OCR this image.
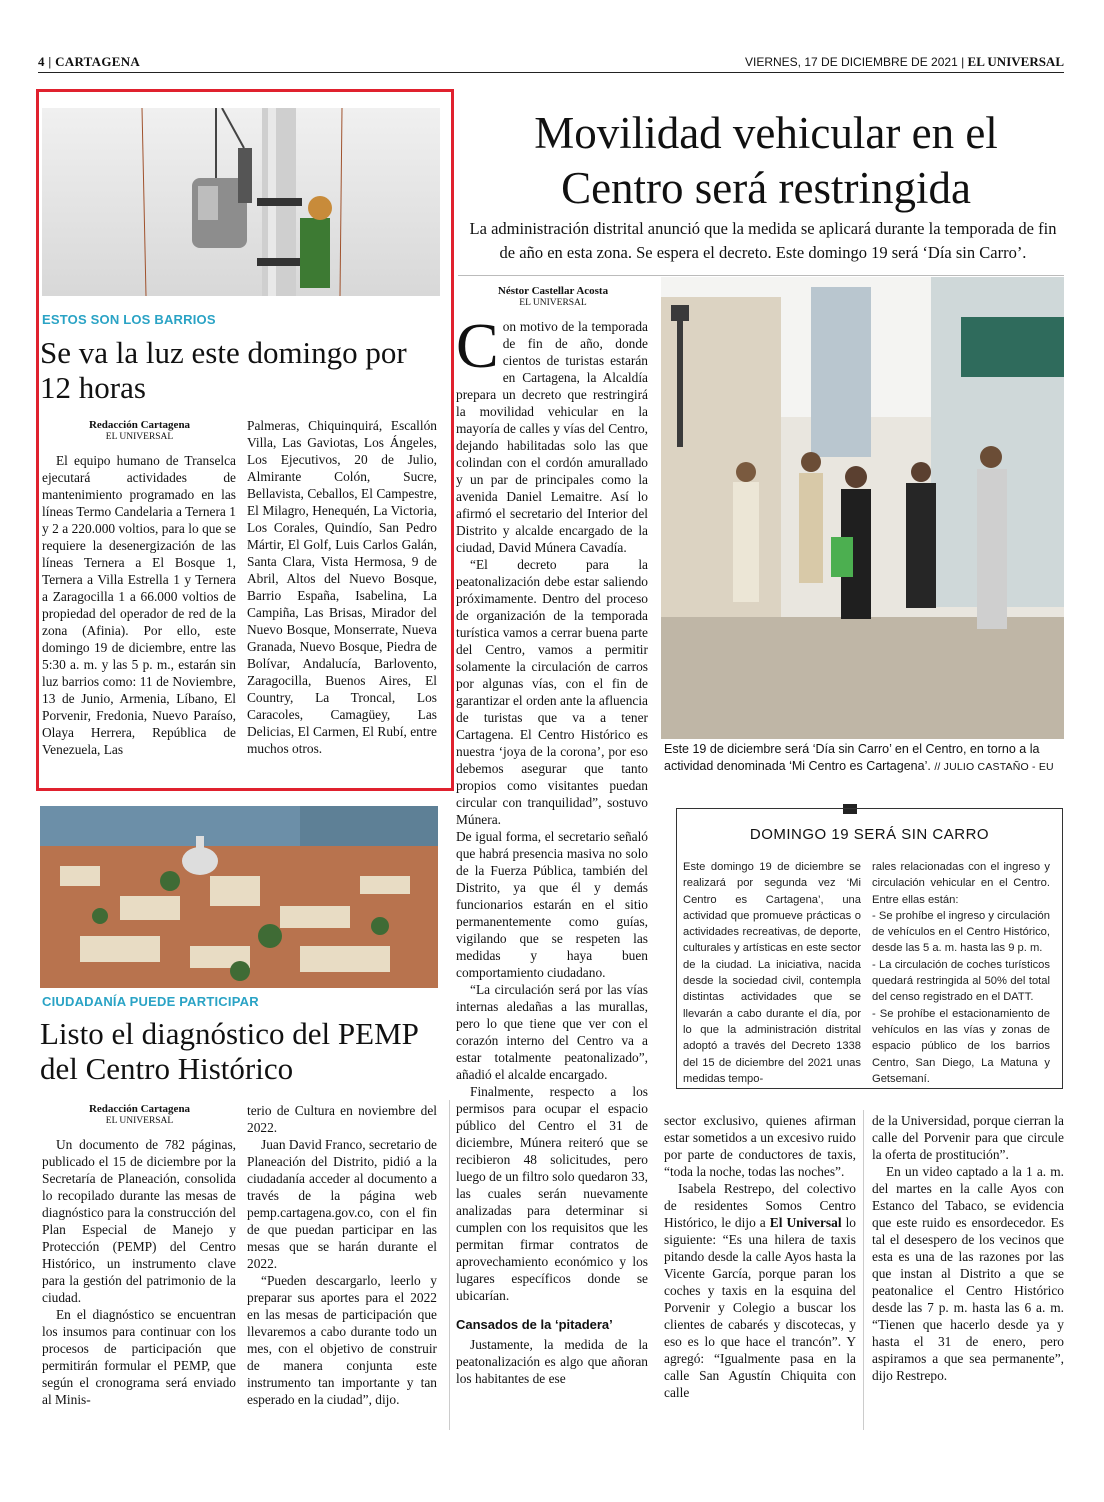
4 | CARTAGENA	VIERNES, 17 DE DICIEMBRE DE 2021 | EL UNIVERSAL
ESTOS SON LOS BARRIOS
Se va la luz este domingo por 12 horas
Redacción Cartagena
EL UNIVERSAL

El equipo humano de Transelca ejecutará actividades de mantenimiento programado en las líneas Termo Candelaria a Ternera 1 y 2 a 220.000 voltios, para lo que se requiere la desenergización de las líneas Ternera a El Bosque 1, Ternera a Villa Estrella 1 y Ternera a Zaragocilla 1 a 66.000 voltios de propiedad del operador de red de la zona (Afinia). Por ello, este domingo 19 de diciembre, entre las 5:30 a. m. y las 5 p. m., estarán sin luz barrios como: 11 de Noviembre, 13 de Junio, Armenia, Líbano, El Porvenir, Fredonia, Nuevo Paraíso, Olaya Herrera, República de Venezuela, Las

Palmeras, Chiquinquirá, Escallón Villa, Las Gaviotas, Los Ángeles, Los Ejecutivos, 20 de Julio, Almirante Colón, Sucre, Bellavista, Ceballos, El Campestre, El Milagro, Henequén, La Victoria, Los Corales, Quindío, San Pedro Mártir, El Golf, Luis Carlos Galán, Santa Clara, Vista Hermosa, 9 de Abril, Altos del Nuevo Bosque, Barrio España, Isabelina, La Campiña, Las Brisas, Mirador del Nuevo Bosque, Monserrate, Nueva Granada, Nuevo Bosque, Piedra de Bolívar, Andalucía, Barlovento, Zaragocilla, Buenos Aires, El Country, La Troncal, Los Caracoles, Camagüey, Las Delicias, El Carmen, El Rubí, entre muchos otros.

CIUDADANÍA PUEDE PARTICIPAR
Listo el diagnóstico del PEMP del Centro Histórico
Redacción Cartagena
EL UNIVERSAL

Un documento de 782 páginas, publicado el 15 de diciembre por la Secretaría de Planeación, consolida lo recopilado durante las mesas de diagnóstico para la construcción del Plan Especial de Manejo y Protección (PEMP) del Centro Histórico, un instrumento clave para la gestión del patrimonio de la ciudad.

En el diagnóstico se encuentran los insumos para continuar con los procesos de participación que permitirán formular el PEMP, que según el cronograma será enviado al Minis-

terio de Cultura en noviembre del 2022.

Juan David Franco, secretario de Planeación del Distrito, pidió a la ciudadanía acceder al documento a través de la página web pemp.cartagena.gov.co, con el fin de que puedan participar en las mesas que se harán durante el 2022.

“Pueden descargarlo, leerlo y preparar sus aportes para el 2022 en las mesas de participación que llevaremos a cabo durante todo un mes, con el objetivo de construir de manera conjunta este instrumento tan importante y tan esperado en la ciudad”, dijo.

Movilidad vehicular en el Centro será restringida
La administración distrital anunció que la medida se aplicará durante la temporada de fin de año en esta zona. Se espera el decreto. Este domingo 19 será ‘Día sin Carro’.
Néstor Castellar Acosta
EL UNIVERSAL

Con motivo de la temporada de fin de año, donde cientos de turistas estarán en Cartagena, la Alcaldía prepara un decreto que restringirá la movilidad vehicular en la mayoría de calles y vías del Centro, dejando habilitadas solo las que colindan con el cordón amurallado y un par de principales como la avenida Daniel Lemaitre. Así lo afirmó el secretario del Interior del Distrito y alcalde encargado de la ciudad, David Múnera Cavadía.

“El decreto para la peatonalización debe estar saliendo próximamente. Dentro del proceso de organización de la temporada turística vamos a cerrar buena parte del Centro, vamos a permitir solamente la circulación de carros por algunas vías, con el fin de garantizar el orden ante la afluencia de turistas que va a tener Cartagena. El Centro Histórico es nuestra ‘joya de la corona’, por eso debemos asegurar que tanto propios como visitantes puedan circular con tranquilidad”, sostuvo Múnera.

De igual forma, el secretario señaló que habrá presencia masiva no solo de la Fuerza Pública, también del Distrito, ya que él y demás funcionarios estarán en el sitio permanentemente como guías, vigilando que se respeten las medidas y haya buen comportamiento ciudadano.

“La circulación será por las vías internas aledañas a las murallas, pero lo que tiene que ver con el corazón interno del Centro va a estar totalmente peatonalizado”, añadió el alcalde encargado.

Finalmente, respecto a los permisos para ocupar el espacio público del Centro el 31 de diciembre, Múnera reiteró que se recibieron 48 solicitudes, pero luego de un filtro solo quedaron 33, las cuales serán nuevamente analizadas para determinar si cumplen con los requisitos que les permitan firmar contratos de aprovechamiento económico y los lugares específicos donde se ubicarían.

Cansados de la ‘pitadera’

Justamente, la medida de la peatonalización es algo que añoran los habitantes de ese

Este 19 de diciembre será ‘Día sin Carro’ en el Centro, en torno a la actividad denominada ‘Mi Centro es Cartagena’. // JULIO CASTAÑO - EU
DOMINGO 19 SERÁ SIN CARRO
Este domingo 19 de diciembre se realizará por segunda vez ‘Mi Centro es Cartagena’, una actividad que promueve prácticas o actividades recreativas, de deporte, culturales y artísticas en este sector de la ciudad. La iniciativa, nacida desde la sociedad civil, contempla distintas actividades que se llevarán a cabo durante el día, por lo que la administración distrital adoptó a través del Decreto 1338 del 15 de diciembre del 2021 unas medidas tempo-
rales relacionadas con el ingreso y circulación vehicular en el Centro. Entre ellas están:
- Se prohíbe el ingreso y circulación de vehículos en el Centro Histórico, desde las 5 a. m. hasta las 9 p. m.
- La circulación de coches turísticos quedará restringida al 50% del total del censo registrado en el DATT.
- Se prohíbe el estacionamiento de vehículos en las vías y zonas de espacio público de los barrios Centro, San Diego, La Matuna y Getsemaní.

sector exclusivo, quienes afirman estar sometidos a un excesivo ruido por parte de conductores de taxis, “toda la noche, todas las noches”.

Isabela Restrepo, del colectivo de residentes Somos Centro Histórico, le dijo a El Universal lo siguiente: “Es una hilera de taxis pitando desde la calle Ayos hasta la Vicente García, porque paran los coches y taxis en la esquina del Porvenir y Colegio a buscar los clientes de cabarés y discotecas, y eso es lo que hace el trancón”. Y agregó: “Igualmente pasa en la calle San Agustín Chiquita con calle

de la Universidad, porque cierran la calle del Porvenir para que circule la oferta de prostitución”.

En un video captado a la 1 a. m. del martes en la calle Ayos con Estanco del Tabaco, se evidencia que este ruido es ensordecedor. Es tal el desespero de los vecinos que esta es una de las razones por las que instan al Distrito a que se peatonalice el Centro Histórico desde las 7 p. m. hasta las 6 a. m. “Tienen que hacerlo desde ya y hasta el 31 de enero, pero aspiramos a que sea permanente”, dijo Restrepo.
